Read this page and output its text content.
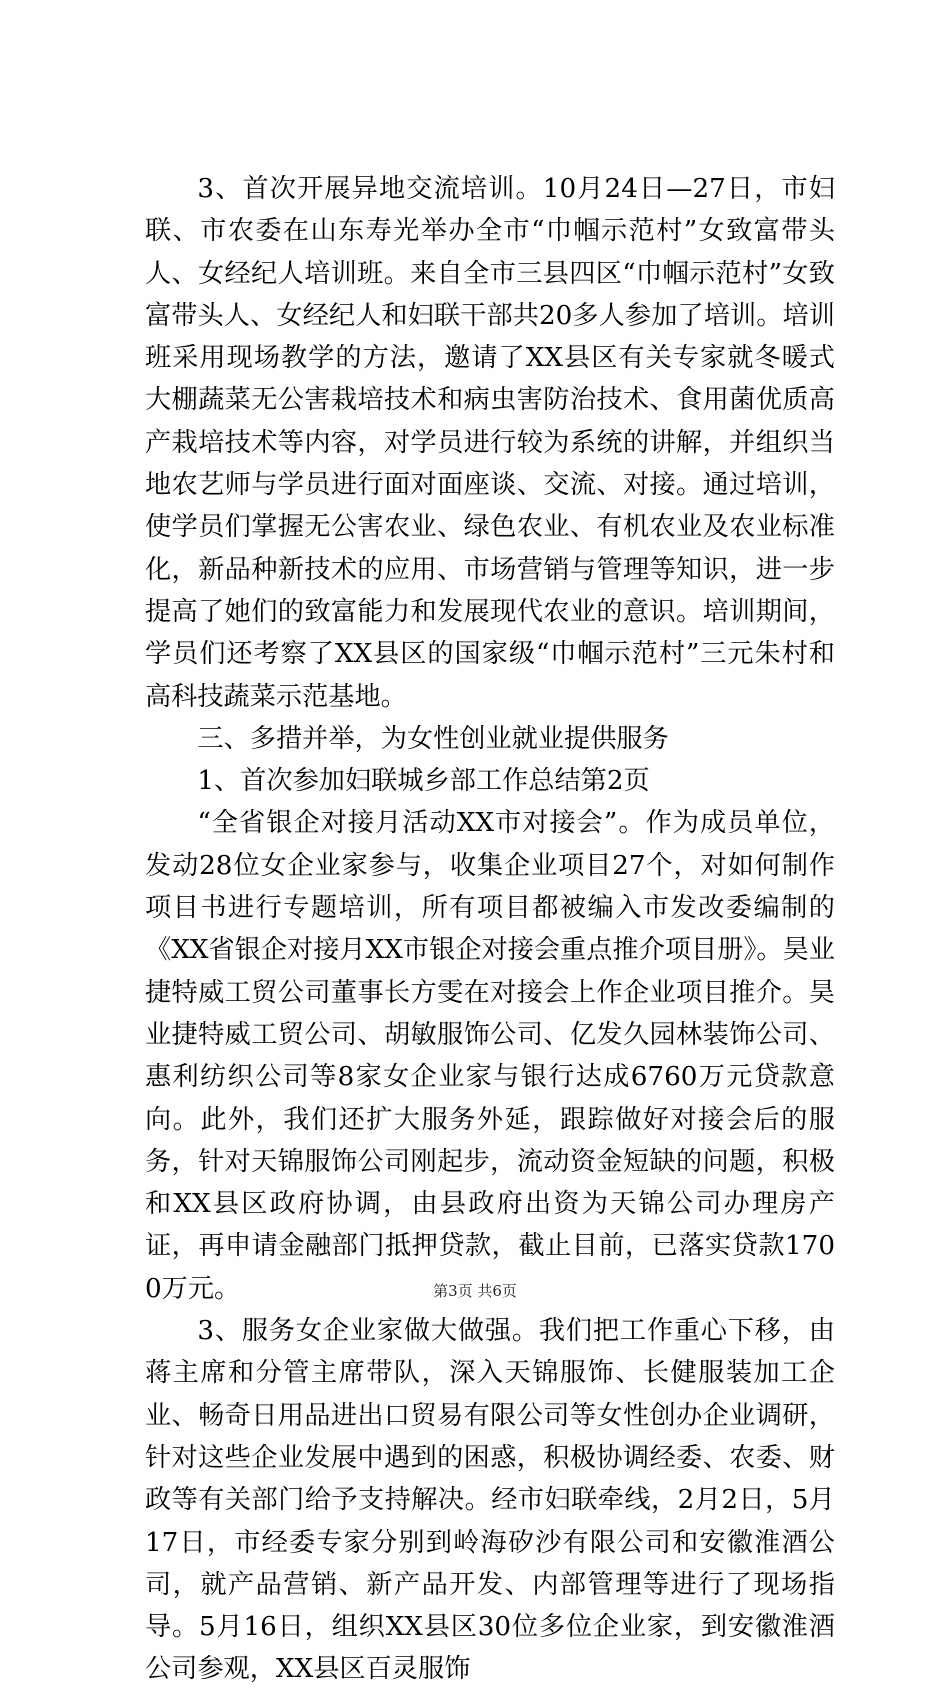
3、首次开展异地交流培训。10月24日—27日，市妇联、市农委在山东寿光举办全市“巾帼示范村”女致富带头人、女经纪人培训班。来自全市三县四区“巾帼示范村”女致富带头人、女经纪人和妇联干部共20多人参加了培训。培训班采用现场教学的方法，邀请了XX县区有关专家就冬暖式大棚蔬菜无公害栽培技术和病虫害防治技术、食用菌优质高产栽培技术等内容，对学员进行较为系统的讲解，并组织当地农艺师与学员进行面对面座谈、交流、对接。通过培训，使学员们掌握无公害农业、绿色农业、有机农业及农业标准化，新品种新技术的应用、市场营销与管理等知识，进一步提高了她们的致富能力和发展现代农业的意识。培训期间，学员们还考察了XX县区的国家级“巾帼示范村”三元朱村和高科技蔬菜示范基地。

三、多措并举，为女性创业就业提供服务

1、首次参加妇联城乡部工作总结第2页

“全省银企对接月活动XX市对接会”。作为成员单位，发动28位女企业家参与，收集企业项目27个，对如何制作项目书进行专题培训，所有项目都被编入市发改委编制的《XX省银企对接月XX市银企对接会重点推介项目册》。昊业捷特威工贸公司董事长方雯在对接会上作企业项目推介。昊业捷特威工贸公司、胡敏服饰公司、亿发久园林装饰公司、惠利纺织公司等8家女企业家与银行达成6760万元贷款意向。此外，我们还扩大服务外延，跟踪做好对接会后的服务，针对天锦服饰公司刚起步，流动资金短缺的问题，积极和XX县区政府协调，由县政府出资为天锦公司办理房产证，再申请金融部门抵押贷款，截止目前，已落实贷款1700万元。

3、服务女企业家做大做强。我们把工作重心下移，由蒋主席和分管主席带队，深入天锦服饰、长健服装加工企业、畅奇日用品进出口贸易有限公司等女性创办企业调研，针对这些企业发展中遇到的困惑，积极协调经委、农委、财政等有关部门给予支持解决。经市妇联牵线，2月2日，5月17日，市经委专家分别到岭海矽沙有限公司和安徽淮酒公司，就产品营销、新产品开发、内部管理等进行了现场指导。5月16日，组织XX县区30位多位企业家，到安徽淮酒公司参观，XX县区百灵服饰

第3页 共6页
